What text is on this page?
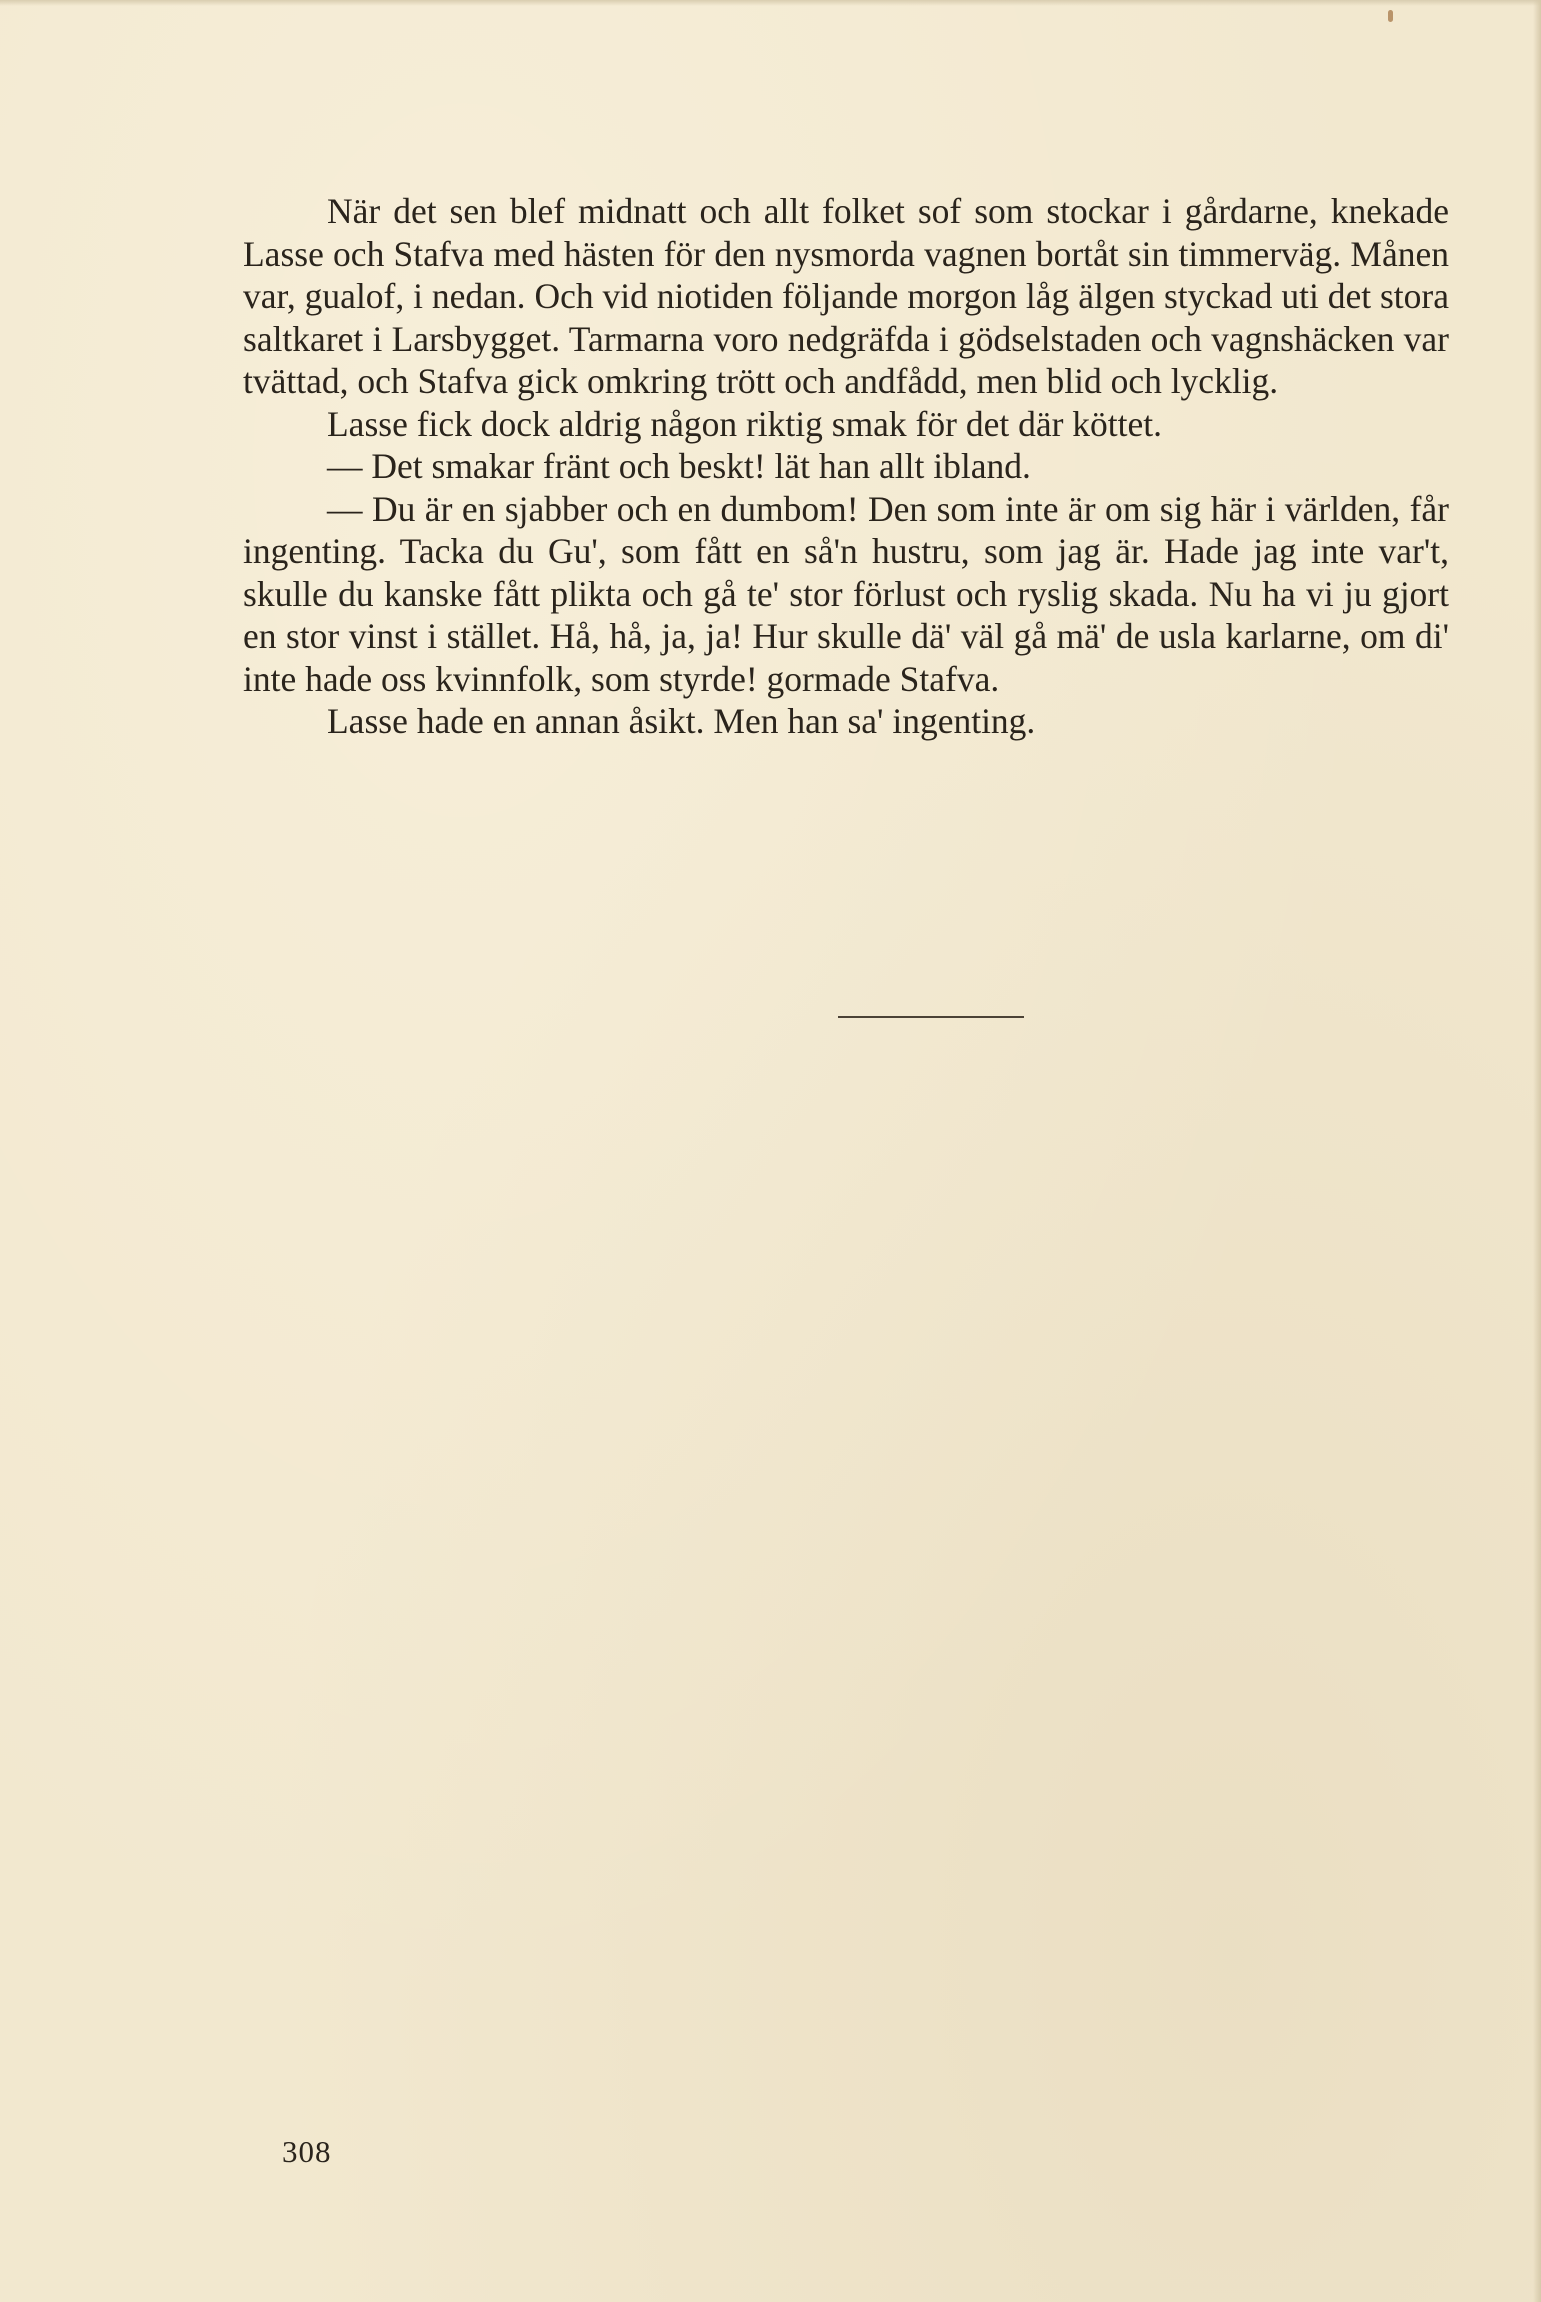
När det sen blef midnatt och allt folket sof som stockar i gårdarne, knekade Lasse och Stafva med hästen för den nysmorda vagnen bortåt sin timmerväg. Månen var, gualof, i nedan. Och vid niotiden följande morgon låg älgen styckad uti det stora saltkaret i Larsbygget. Tarmarna voro nedgräfda i gödselstaden och vagnshäcken var tvättad, och Stafva gick omkring trött och andfådd, men blid och lycklig.

Lasse fick dock aldrig någon riktig smak för det där köttet.

— Det smakar fränt och beskt! lät han allt ibland.

— Du är en sjabber och en dumbom! Den som inte är om sig här i världen, får ingenting. Tacka du Gu', som fått en så'n hustru, som jag är. Hade jag inte var't, skulle du kanske fått plikta och gå te' stor förlust och ryslig skada. Nu ha vi ju gjort en stor vinst i stället. Hå, hå, ja, ja! Hur skulle dä' väl gå mä' de usla karlarne, om di' inte hade oss kvinnfolk, som styrde! gormade Stafva.

Lasse hade en annan åsikt. Men han sa' ingenting.

308
